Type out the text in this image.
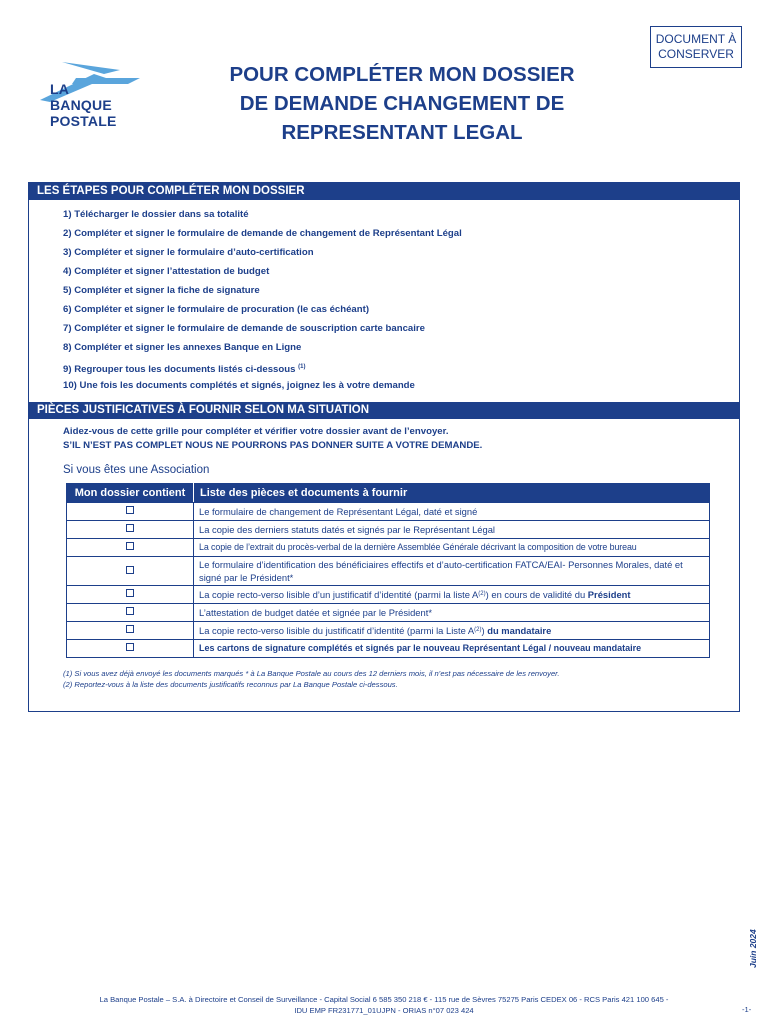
DOCUMENT À
CONSERVER
LA
BANQUE
POSTALE
POUR COMPLÉTER MON DOSSIER
DE DEMANDE CHANGEMENT DE
REPRESENTANT LEGAL
LES ÉTAPES POUR COMPLÉTER MON DOSSIER
1) Télécharger le dossier dans sa totalité
2) Compléter et signer le formulaire de demande de changement de Représentant Légal
3) Compléter et signer le formulaire d’auto-certification
4) Compléter et signer l’attestation de budget
5) Compléter et signer la fiche de signature
6) Compléter et signer le formulaire de procuration (le cas échéant)
7) Compléter et signer le formulaire de demande de souscription carte bancaire
8) Compléter et signer les annexes Banque en Ligne
9) Regrouper tous les documents listés ci-dessous $^{(1)}$
10) Une fois les documents complétés et signés, joignez les à votre demande
PIÈCES JUSTIFICATIVES À FOURNIR SELON MA SITUATION
Aidez-vous de cette grille pour compléter et vérifier votre dossier avant de l’envoyer.
S’IL N’EST PAS COMPLET NOUS NE POURRONS PAS DONNER SUITE A VOTRE DEMANDE.
Si vous êtes une Association
Mon dossier contient	Liste des pièces et documents à fournir
	Le formulaire de changement de Représentant Légal, daté et signé
	La copie des derniers statuts datés et signés par le Représentant Légal
	La copie de l’extrait du procès-verbal de la dernière Assemblée Générale décrivant la composition de votre bureau
	Le formulaire d’identification des bénéficiaires effectifs et d’auto-certification FATCA/EAI- Personnes Morales, daté et signé par le Président*
	La copie recto-verso lisible d’un justificatif d’identité (parmi la liste $A^{(2)}$) en cours de validité du Président
	L’attestation de budget datée et signée par le Président*
	La copie recto-verso lisible du justificatif d’identité (parmi la Liste $A^{(2)}$) du mandataire
	Les cartons de signature complétés et signés par le nouveau Représentant Légal / nouveau mandataire
(1) Si vous avez déjà envoyé les documents marqués * à La Banque Postale au cours des 12 derniers mois, il n’est pas nécessaire de les renvoyer.
(2) Reportez-vous à la liste des documents justificatifs reconnus par La Banque Postale ci-dessous.
Juin 2024
La Banque Postale – S.A. à Directoire et Conseil de Surveillance - Capital Social 6 585 350 218 € - 115 rue de Sèvres 75275 Paris CEDEX 06 - RCS Paris 421 100 645 -
IDU EMP FR231771_01UJPN - ORIAS n°07 023 424	-1-
